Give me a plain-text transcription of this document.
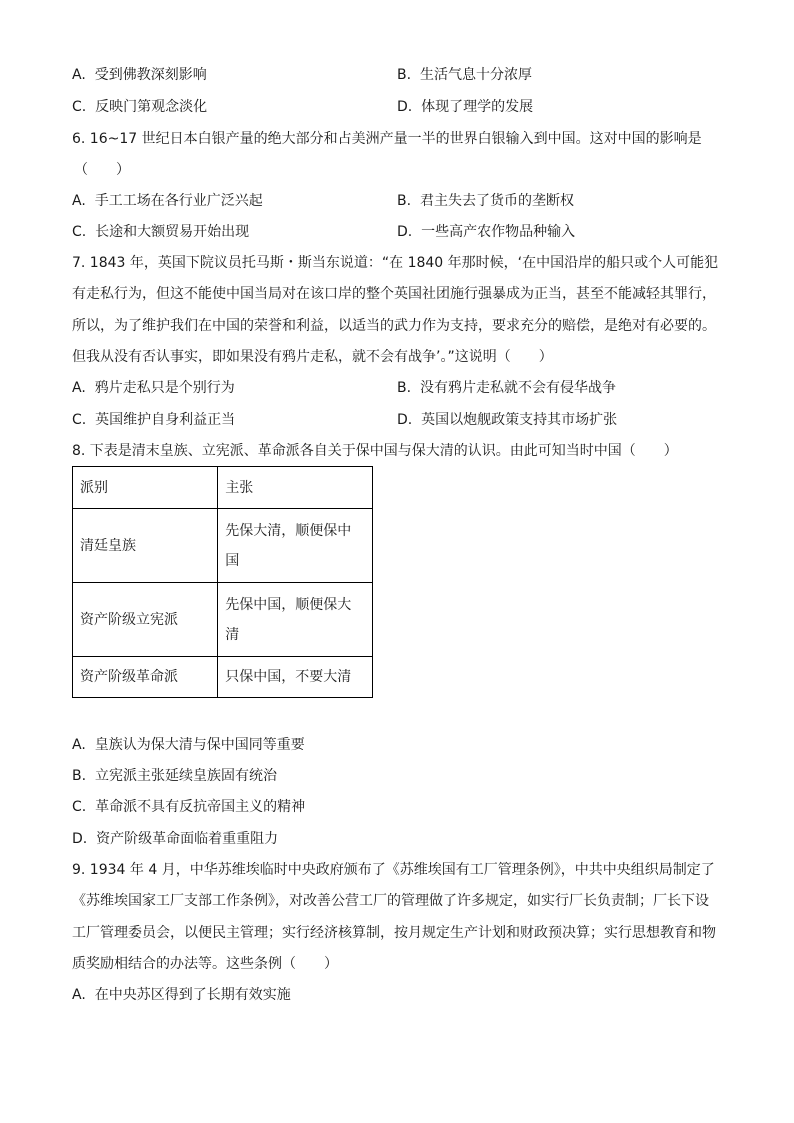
A.  受到佛教深刻影响	B.  生活气息十分浓厚
C.  反映门第观念淡化	D.  体现了理学的发展
6. 16~17 世纪日本白银产量的绝大部分和占美洲产量一半的世界白银输入到中国。这对中国的影响是
（　　）
A.  手工工场在各行业广泛兴起	B.  君主失去了货币的垄断权
C.  长途和大额贸易开始出现	D.  一些高产农作物品种输入
7. 1843 年，英国下院议员托马斯・斯当东说道：“在 1840 年那时候，‘在中国沿岸的船只或个人可能犯
有走私行为，但这不能使中国当局对在该口岸的整个英国社团施行强暴成为正当，甚至不能减轻其罪行，
所以，为了维护我们在中国的荣誉和利益，以适当的武力作为支持，要求充分的赔偿，是绝对有必要的。
但我从没有否认事实，即如果没有鸦片走私，就不会有战争’。”这说明（　　）
A.  鸦片走私只是个别行为	B.  没有鸦片走私就不会有侵华战争
C.  英国维护自身利益正当	D.  英国以炮舰政策支持其市场扩张
8. 下表是清末皇族、立宪派、革命派各自关于保中国与保大清的认识。由此可知当时中国（　　）
派别	主张
清廷皇族	先保大清，顺便保中
国
资产阶级立宪派	先保中国，顺便保大
清
资产阶级革命派	只保中国，不要大清
A.  皇族认为保大清与保中国同等重要
B.  立宪派主张延续皇族固有统治
C.  革命派不具有反抗帝国主义的精神
D.  资产阶级革命面临着重重阻力
9. 1934 年 4 月，中华苏维埃临时中央政府颁布了《苏维埃国有工厂管理条例》，中共中央组织局制定了
《苏维埃国家工厂支部工作条例》，对改善公营工厂的管理做了许多规定，如实行厂长负责制；厂长下设
工厂管理委员会，以便民主管理；实行经济核算制，按月规定生产计划和财政预决算；实行思想教育和物
质奖励相结合的办法等。这些条例（　　）
A.  在中央苏区得到了长期有效实施
